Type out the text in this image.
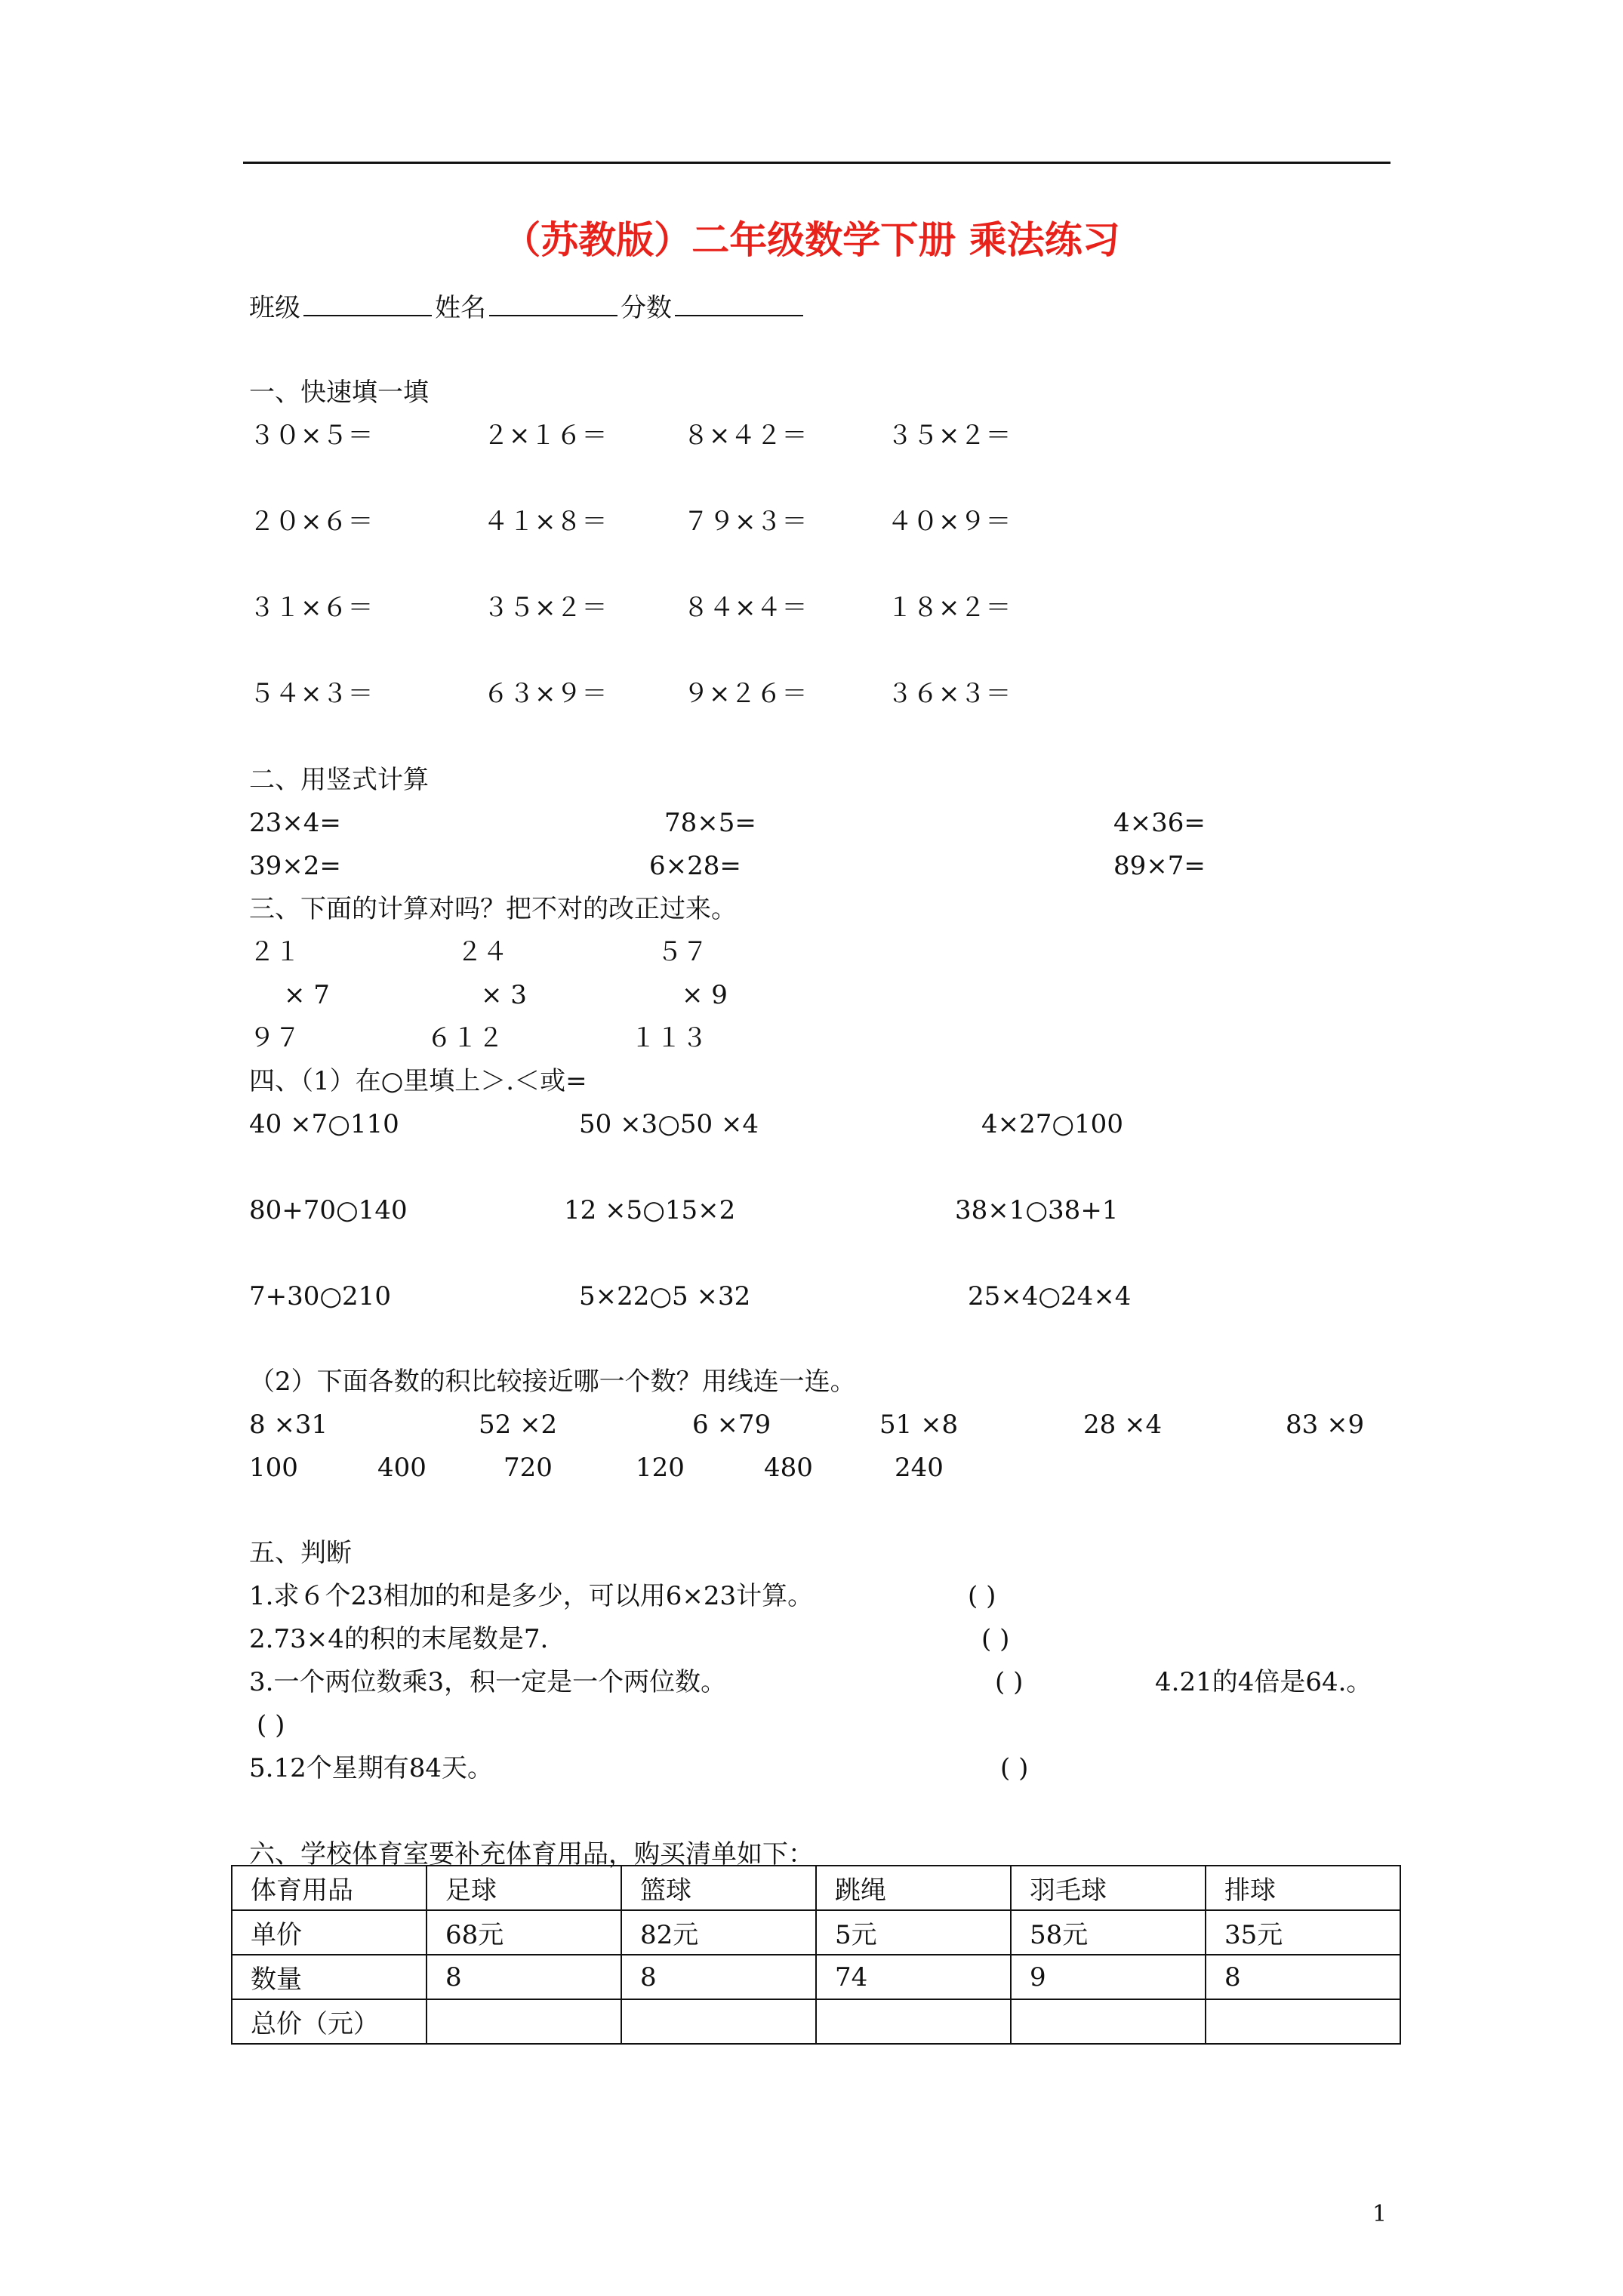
（苏教版）二年级数学下册 乘法练习
班级	姓名	分数
一、快速填一填
３０×５＝	２×１６＝	８×４２＝	３５×２＝
２０×６＝	４１×８＝	７９×３＝	４０×９＝
３１×６＝	３５×２＝	８４×４＝	１８×２＝
５４×３＝	６３×９＝	９×２６＝	３６×３＝
二、用竖式计算
23×4=	78×5=	4×36=
39×2=	6×28=	89×7=
三、下面的计算对吗？把不对的改正过来。
２１
× 7
９７
２４
× 3
６１２
５７
× 9
１１３
四、（1）在○里填上＞.＜或=
40 ×7○110	50 ×3○50 ×4	4×27○100
80+70○140	12 ×5○15×2	38×1○38+1
7+30○210	5×22○5 ×32	25×4○24×4
（2）下面各数的积比较接近哪一个数？用线连一连。
8 ×31	52 ×2	6 ×79	51 ×8	28 ×4	83 ×9
100	400	720	120	480	240
五、判断
1.求６个23相加的和是多少，可以用6×23计算。	( )
2.73×4的积的末尾数是7.	( )
3.一个两位数乘3，积一定是一个两位数。	( )	4.21的4倍是64.。
( )
5.12个星期有84天。	( )
六、学校体育室要补充体育用品，购买清单如下：
体育用品	足球	篮球	跳绳	羽毛球	排球
单价	68元	82元	5元	58元	35元
数量	8	8	74	9	8
总价（元）					
1
